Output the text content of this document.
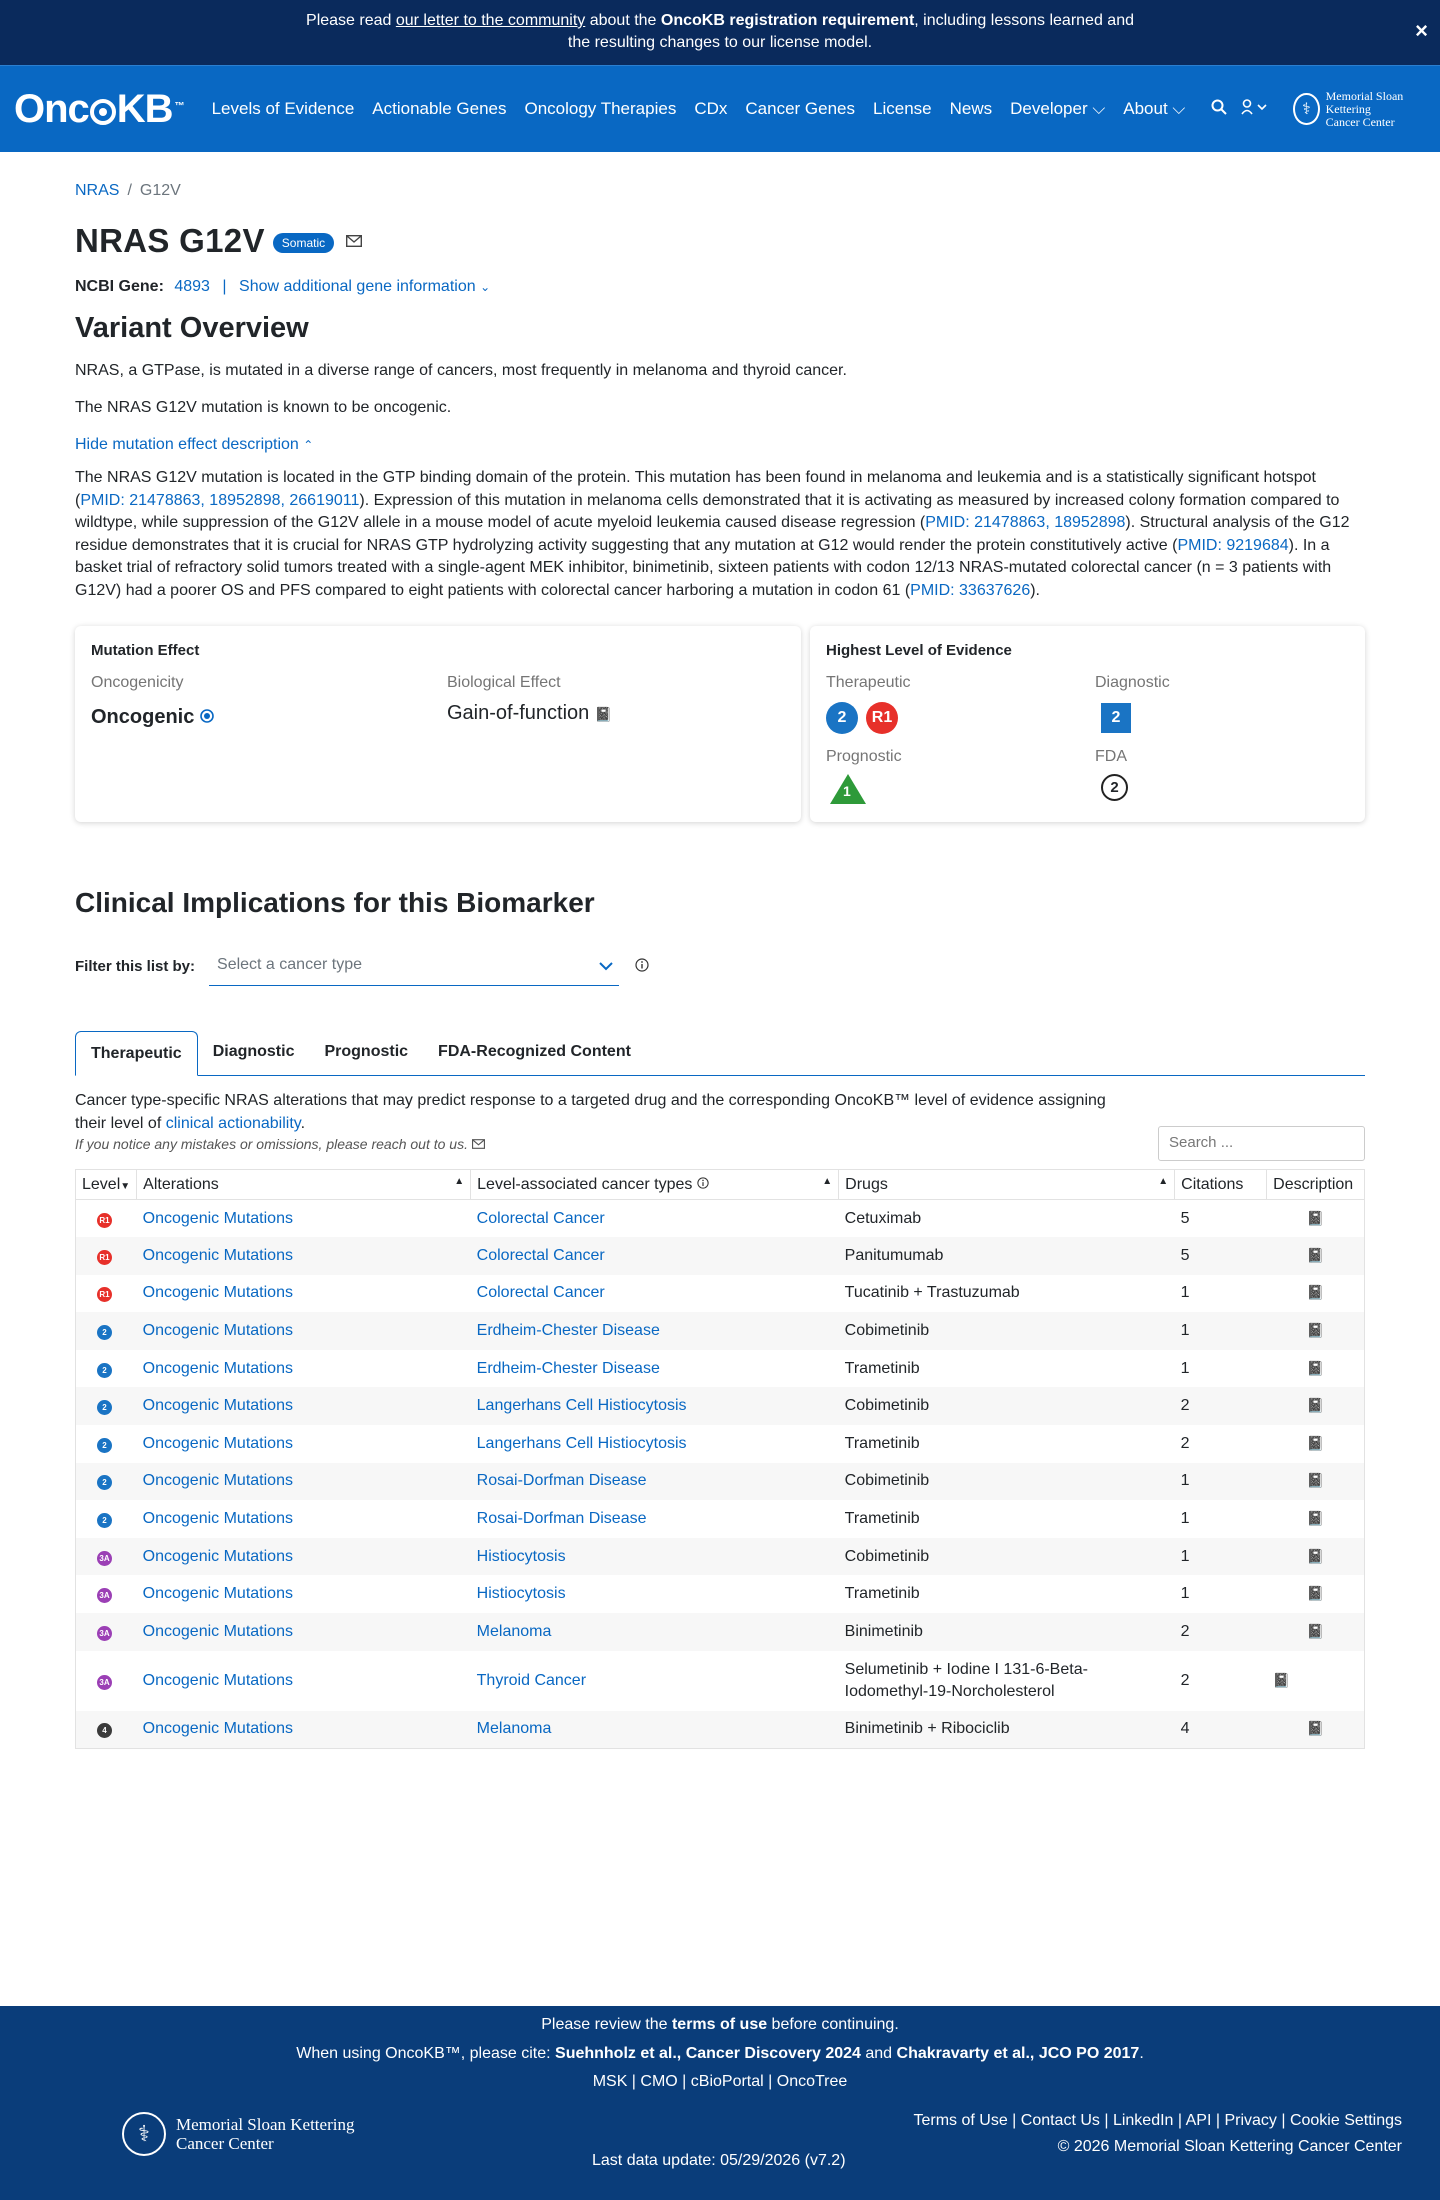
Please read our letter to the community about the OncoKB registration requirement, including lessons learned and
the resulting changes to our license model.	×
Onc KB ™ Levels of Evidence Actionable Genes Oncology Therapies CDx Cancer Genes License News Developer ⌵ About ⌵	⚕
Memorial Sloan Kettering
Cancer Center
NRAS / G12V
NRAS G12V	Somatic
NCBI Gene: 4893 | Show additional gene information ⌄
Variant Overview
NRAS, a GTPase, is mutated in a diverse range of cancers, most frequently in melanoma and thyroid cancer.
The NRAS G12V mutation is known to be oncogenic.
Hide mutation effect description ⌃
The NRAS G12V mutation is located in the GTP binding domain of the protein. This mutation has been found in melanoma and leukemia and is a statistically significant hotspot (PMID: 21478863, 18952898, 26619011). Expression of this mutation in melanoma cells demonstrated that it is activating as measured by increased colony formation compared to wildtype, while suppression of the G12V allele in a mouse model of acute myeloid leukemia caused disease regression (PMID: 21478863, 18952898). Structural analysis of the G12 residue demonstrates that it is crucial for NRAS GTP hydrolyzing activity suggesting that any mutation at G12 would render the protein constitutively active (PMID: 9219684). In a basket trial of refractory solid tumors treated with a single-agent MEK inhibitor, binimetinib, sixteen patients with codon 12/13 NRAS-mutated colorectal cancer (n = 3 patients with G12V) had a poorer OS and PFS compared to eight patients with colorectal cancer harboring a mutation in codon 61 (PMID: 33637626).
Mutation Effect
Oncogenicity
Oncogenic
Biological Effect
Gain-of-function 📓
Highest Level of Evidence
Therapeutic
2 R1
Diagnostic
2
Prognostic
1
FDA
2
Clinical Implications for this Biomarker
Filter this list by:	Select a cancer type
Therapeutic	Diagnostic	Prognostic	FDA-Recognized Content
Cancer type-specific NRAS alterations that may predict response to a targeted drug and the corresponding OncoKB™ level of evidence assigning their level of clinical actionability.
If you notice any mistakes or omissions, please reach out to us.	Search ...
Level▼	Alterations ▲	Level-associated cancer types ▲	Drugs ▲	Citations	Description
R1	Oncogenic Mutations	Colorectal Cancer	Cetuximab	5	📓
R1	Oncogenic Mutations	Colorectal Cancer	Panitumumab	5	📓
R1	Oncogenic Mutations	Colorectal Cancer	Tucatinib + Trastuzumab	1	📓
2	Oncogenic Mutations	Erdheim-Chester Disease	Cobimetinib	1	📓
2	Oncogenic Mutations	Erdheim-Chester Disease	Trametinib	1	📓
2	Oncogenic Mutations	Langerhans Cell Histiocytosis	Cobimetinib	2	📓
2	Oncogenic Mutations	Langerhans Cell Histiocytosis	Trametinib	2	📓
2	Oncogenic Mutations	Rosai-Dorfman Disease	Cobimetinib	1	📓
2	Oncogenic Mutations	Rosai-Dorfman Disease	Trametinib	1	📓
3A	Oncogenic Mutations	Histiocytosis	Cobimetinib	1	📓
3A	Oncogenic Mutations	Histiocytosis	Trametinib	1	📓
3A	Oncogenic Mutations	Melanoma	Binimetinib	2	📓
3A	Oncogenic Mutations	Thyroid Cancer	Selumetinib + Iodine I 131-6-Beta-Iodomethyl-19-Norcholesterol	2	📓
4	Oncogenic Mutations	Melanoma	Binimetinib + Ribociclib	4	📓
Please review the terms of use before continuing.
When using OncoKB™, please cite: Suehnholz et al., Cancer Discovery 2024 and Chakravarty et al., JCO PO 2017.
MSK | CMO | cBioPortal | OncoTree
⚕	Memorial Sloan Kettering
Cancer Center
Last data update: 05/29/2026 (v7.2)
Terms of Use | Contact Us | LinkedIn | API | Privacy | Cookie Settings
© 2026 Memorial Sloan Kettering Cancer Center
